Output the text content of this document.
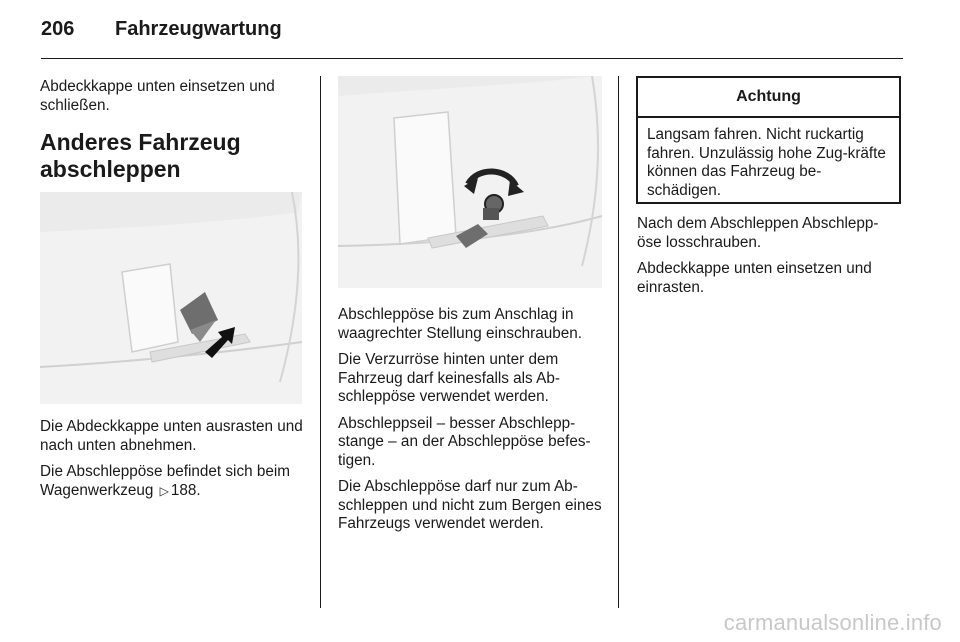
206 Fahrzeugwartung

Abdeckkappe unten einsetzen und schließen.

Anderes Fahrzeug abschleppen

Die Abdeckkappe unten ausrasten und nach unten abnehmen.

Die Abschleppöse befindet sich beim Wagenwerkzeug ▷ 188.

Abschleppöse bis zum Anschlag in waagrechter Stellung einschrauben.

Die Verzurröse hinten unter dem Fahrzeug darf keinesfalls als Ab-schleppöse verwendet werden.

Abschleppseil – besser Abschlepp-stange – an der Abschleppöse befes-tigen.

Die Abschleppöse darf nur zum Ab-schleppen und nicht zum Bergen eines Fahrzeugs verwendet werden.

Achtung
Langsam fahren. Nicht ruckartig fahren. Unzulässig hohe Zug-kräfte können das Fahrzeug be-schädigen.

Nach dem Abschleppen Abschlepp-öse losschrauben.

Abdeckkappe unten einsetzen und einrasten.

carmanualsonline.info
